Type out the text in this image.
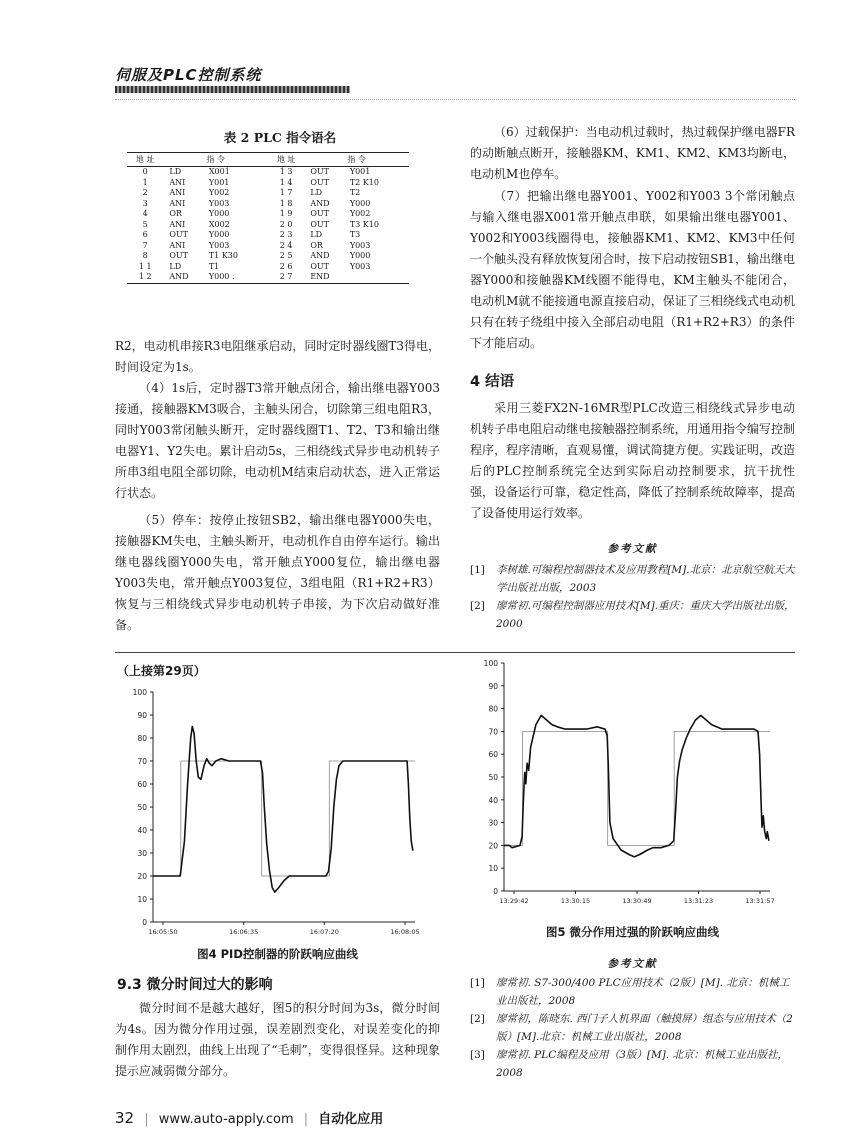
伺服及PLC控制系统
表 2 PLC 指令语名
地 址	指 令		地 址	指 令	
0	LD	X001	1 3	OUT	Y001
1	ANI	Y001	1 4	OUT	T2 K10
2	ANI	Y002	1 7	LD	T2
3	ANI	Y003	1 8	AND	Y000
4	OR	Y000	1 9	OUT	Y002
5	ANI	X002	2 0	OUT	T3 K10
6	OUT	Y000	2 3	LD	T3
7	ANI	Y003	2 4	OR	Y003
8	OUT	T1 K30	2 5	AND	Y000
1 1	LD	T1	2 6	OUT	Y003
1 2	AND	Y000 ．	2 7	END	
R2，电动机串接R3电阻继承启动，同时定时器线圈T3得电，时间设定为1s。
（4）1s后，定时器T3常开触点闭合，输出继电器Y003接通，接触器KM3吸合，主触头闭合，切除第三组电阻R3，同时Y003常闭触头断开，定时器线圈T1、T2、T3和输出继电器Y1、Y2失电。累计启动5s，三相绕线式异步电动机转子所串3组电阻全部切除，电动机M结束启动状态，进入正常运行状态。
（5）停车：按停止按钮SB2，输出继电器Y000失电，接触器KM失电，主触头断开，电动机作自由停车运行。输出继电器线圈Y000失电，常开触点Y000复位，输出继电器Y003失电，常开触点Y003复位，3组电阻（R1+R2+R3）恢复与三相绕线式异步电动机转子串接，为下次启动做好准备。
（6）过载保护：当电动机过载时，热过载保护继电器FR的动断触点断开，接触器KM、KM1、KM2、KM3均断电，电动机M也停车。
（7）把输出继电器Y001、Y002和Y003 3个常闭触点与输入继电器X001常开触点串联，如果输出继电器Y001、Y002和Y003线圈得电，接触器KM1、KM2、KM3中任何一个触头没有释放恢复闭合时，按下启动按钮SB1，输出继电器Y000和接触器KM线圈不能得电，KM主触头不能闭合，电动机M就不能接通电源直接启动，保证了三相绕线式电动机只有在转子绕组中接入全部启动电阻（R1+R2+R3）的条件下才能启动。
4 结语
采用三菱FX2N-16MR型PLC改造三相绕线式异步电动机转子串电阻启动继电接触器控制系统，用通用指令编写控制程序，程序清晰，直观易懂，调试简捷方便。实践证明，改造后的PLC控制系统完全达到实际启动控制要求，抗干扰性强，设备运行可靠，稳定性高，降低了控制系统故障率，提高了设备使用运行效率。
参考文献
[1] 李树雄.可编程控制器技术及应用教程[M].北京：北京航空航天大学出版社出版，2003
[2] 廖常初.可编程控制器应用技术[M].重庆：重庆大学出版社出版，2000
（上接第29页）
0
10
20
30
40
50
60
70
80
90
100
16:05:50	16:06:35	16:07:20	16:08:05
图4 PID控制器的阶跃响应曲线
9.3 微分时间过大的影响
微分时间不是越大越好，图5的积分时间为3s，微分时间为4s。因为微分作用过强，误差剧烈变化，对误差变化的抑制作用太剧烈，曲线上出现了“毛刺”，变得很怪异。这种现象提示应减弱微分部分。
0
10
20
30
40
50
60
70
80
90
100
13:29:42	13:30:15	13:30:49	13:31:23	13:31:57
图5 微分作用过强的阶跃响应曲线
参考文献
[1] 廖常初. S7-300/400 PLC应用技术（2版）[M]. 北京：机械工业出版社，2008
[2] 廖常初，陈晓东. 西门子人机界面（触摸屏）组态与应用技术（2版）[M].北京：机械工业出版社，2008
[3] 廖常初. PLC编程及应用（3版）[M]. 北京：机械工业出版社，2008
32 | www.auto-apply.com | 自动化应用
